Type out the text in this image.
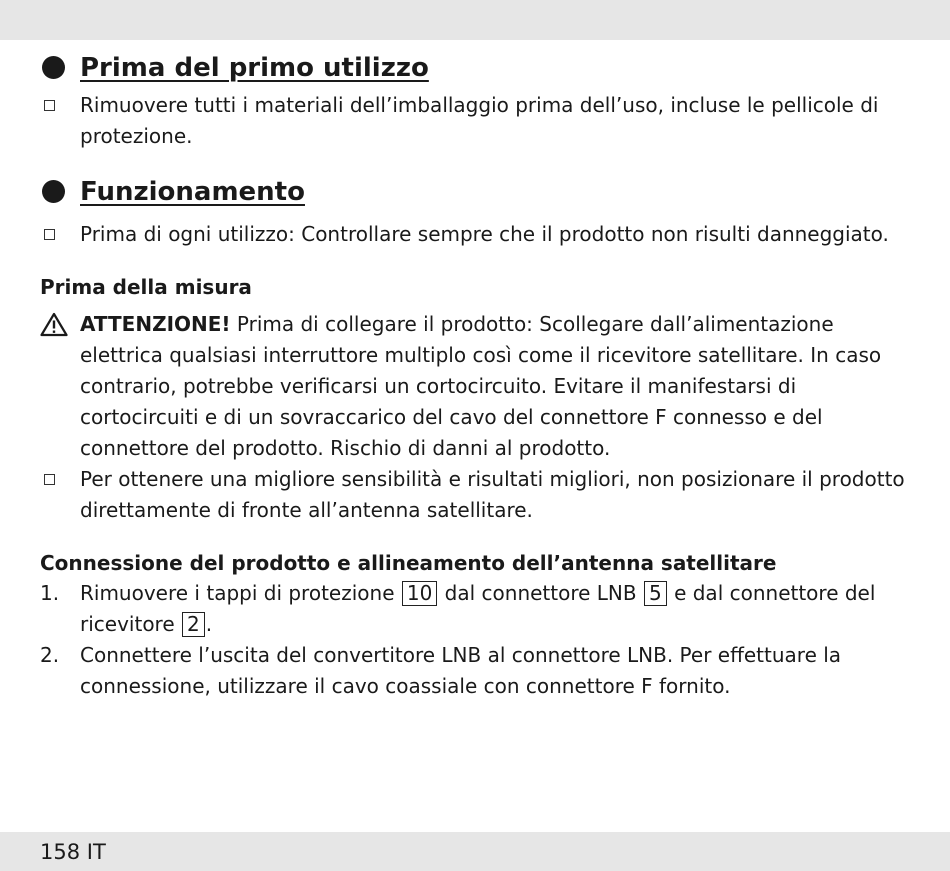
Prima del primo utilizzo
Rimuovere tutti i materiali dell’imballaggio prima dell’uso, incluse le pellicole di protezione.
Funzionamento
Prima di ogni utilizzo: Controllare sempre che il prodotto non risulti danneggiato.
Prima della misura
ATTENZIONE! Prima di collegare il prodotto: Scollegare dall’alimentazione elettrica qualsiasi interruttore multiplo così come il ricevitore satellitare. In caso contrario, potrebbe verificarsi un cortocircuito. Evitare il manifestarsi di cortocircuiti e di un sovraccarico del cavo del connettore F connesso e del connettore del prodotto. Rischio di danni al prodotto.
Per ottenere una migliore sensibilità e risultati migliori, non posizionare il prodotto direttamente di fronte all’antenna satellitare.
Connessione del prodotto e allineamento dell’antenna satellitare
1. Rimuovere i tappi di protezione 10 dal connettore LNB 5 e dal connettore del ricevitore 2 .
2. Connettere l’uscita del convertitore LNB al connettore LNB. Per effettuare la connessione, utilizzare il cavo coassiale con connettore F fornito.
158 IT
